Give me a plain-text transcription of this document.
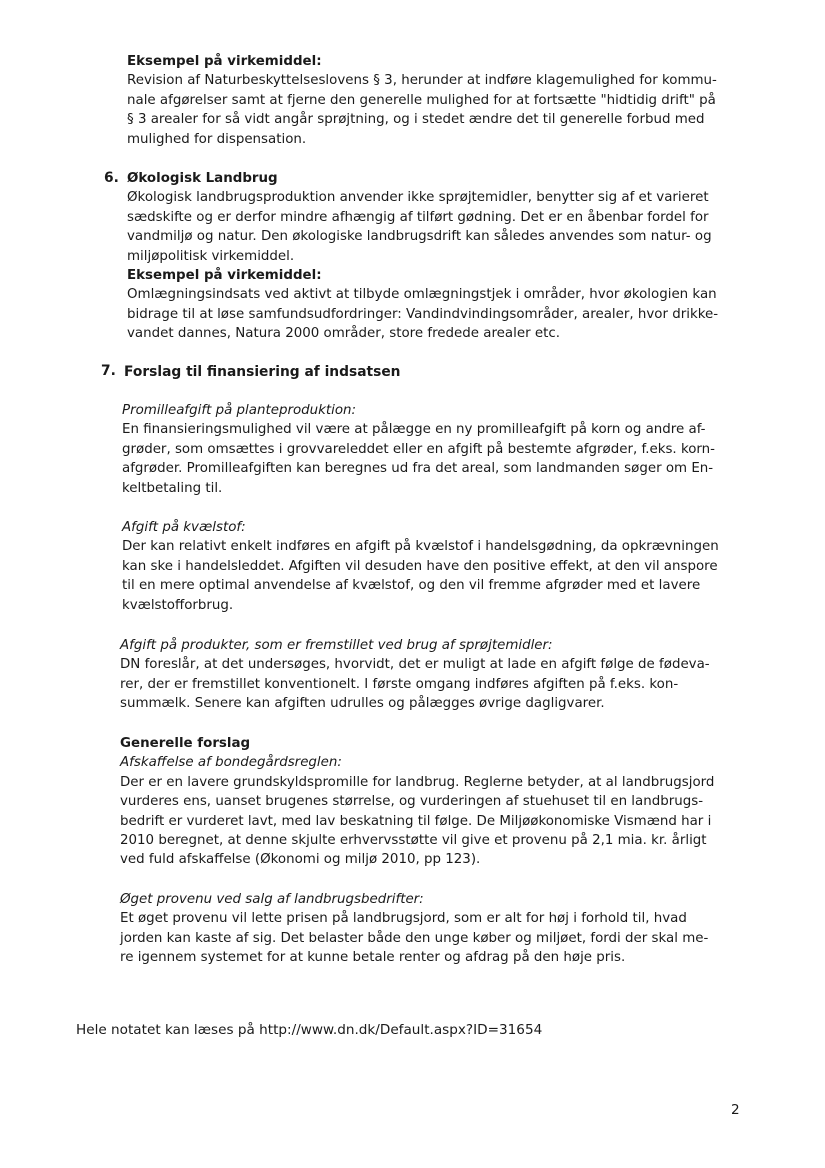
Eksempel på virkemiddel:

Revision af Naturbeskyttelseslovens § 3, herunder at indføre klagemulighed for kommu-
nale afgørelser samt at fjerne den generelle mulighed for at fortsætte "hidtidig drift" på
§ 3 arealer for så vidt angår sprøjtning, og i stedet ændre det til generelle forbud med
mulighed for dispensation.
6. Økologisk Landbrug

Økologisk landbrugsproduktion anvender ikke sprøjtemidler, benytter sig af et varieret
sædskifte og er derfor mindre afhængig af tilført gødning. Det er en åbenbar fordel for
vandmiljø og natur. Den økologiske landbrugsdrift kan således anvendes som natur- og
miljøpolitisk virkemiddel.

Eksempel på virkemiddel:

Omlægningsindsats ved aktivt at tilbyde omlægningstjek i områder, hvor økologien kan
bidrage til at løse samfundsudfordringer: Vandindvindingsområder, arealer, hvor drikke-
vandet dannes, Natura 2000 områder, store fredede arealer etc.
7. Forslag til finansiering af indsatsen

Promilleafgift på planteproduktion:

En finansieringsmulighed vil være at pålægge en ny promilleafgift på korn og andre af-
grøder, som omsættes i grovvareleddet eller en afgift på bestemte afgrøder, f.eks. korn-
afgrøder. Promilleafgiften kan beregnes ud fra det areal, som landmanden søger om En-
keltbetaling til.

Afgift på kvælstof:

Der kan relativt enkelt indføres en afgift på kvælstof i handelsgødning, da opkrævningen
kan ske i handelsleddet. Afgiften vil desuden have den positive effekt, at den vil anspore
til en mere optimal anvendelse af kvælstof, og den vil fremme afgrøder med et lavere
kvælstofforbrug.

Afgift på produkter, som er fremstillet ved brug af sprøjtemidler:

DN foreslår, at det undersøges, hvorvidt, det er muligt at lade en afgift følge de fødeva-
rer, der er fremstillet konventionelt. I første omgang indføres afgiften på f.eks. kon-
summælk. Senere kan afgiften udrulles og pålægges øvrige dagligvarer.

Generelle forslag

Afskaffelse af bondegårdsreglen:

Der er en lavere grundskyldspromille for landbrug. Reglerne betyder, at al landbrugsjord
vurderes ens, uanset brugenes størrelse, og vurderingen af stuehuset til en landbrugs-
bedrift er vurderet lavt, med lav beskatning til følge. De Miljøøkonomiske Vismænd har i
2010 beregnet, at denne skjulte erhvervsstøtte vil give et provenu på 2,1 mia. kr. årligt
ved fuld afskaffelse (Økonomi og miljø 2010, pp 123).

Øget provenu ved salg af landbrugsbedrifter:

Et øget provenu vil lette prisen på landbrugsjord, som er alt for høj i forhold til, hvad
jorden kan kaste af sig. Det belaster både den unge køber og miljøet, fordi der skal me-
re igennem systemet for at kunne betale renter og afdrag på den høje pris.
Hele notatet kan læses på http://www.dn.dk/Default.aspx?ID=31654
2
